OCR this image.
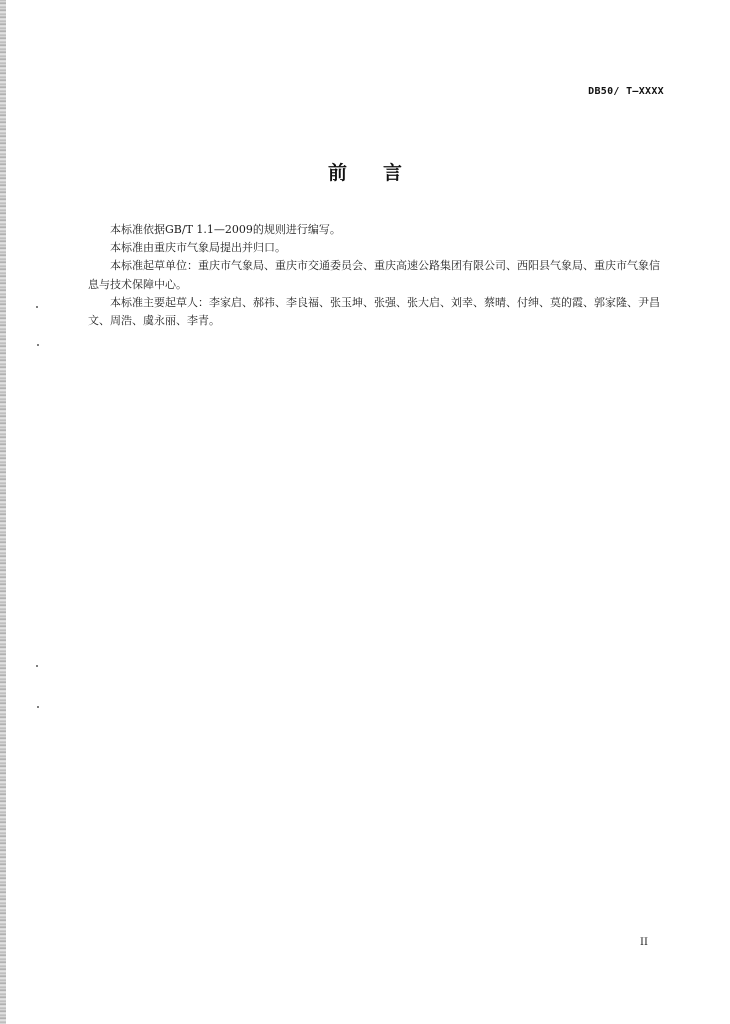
DB50/ T—XXXX
前 言

本标准依据GB/T 1.1—2009的规则进行编写。

本标准由重庆市气象局提出并归口。

本标准起草单位：重庆市气象局、重庆市交通委员会、重庆高速公路集团有限公司、西阳县气象局、重庆市气象信息与技术保障中心。

本标准主要起草人：李家启、郝祎、李良福、张玉坤、张强、张大启、刘幸、蔡晴、付绅、莫的霞、郭家隆、尹昌文、周浩、虞永丽、李青。

II
